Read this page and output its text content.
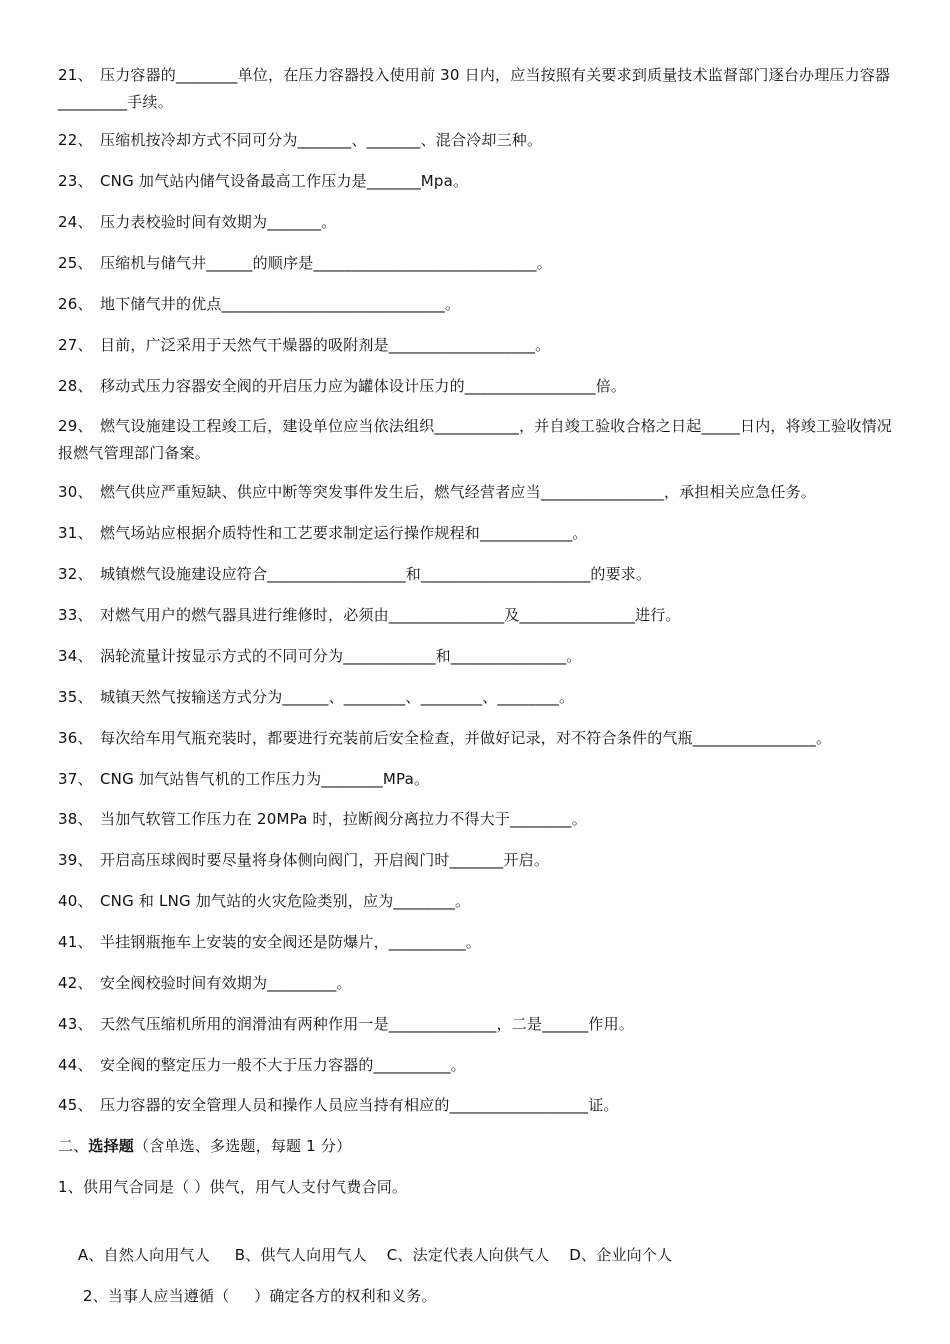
21、 压力容器的________单位，在压力容器投入使用前 30 日内，应当按照有关要求到质量技术监督部门逐台办理压力容器_________手续。
22、 压缩机按冷却方式不同可分为_______、_______、混合冷却三种。
23、 CNG 加气站内储气设备最高工作压力是_______Mpa。
24、 压力表校验时间有效期为_______。
25、 压缩机与储气井______的顺序是_____________________________。
26、 地下储气井的优点_____________________________。
27、 目前，广泛采用于天然气干燥器的吸附剂是___________________。
28、 移动式压力容器安全阀的开启压力应为罐体设计压力的_________________倍。
29、 燃气设施建设工程竣工后，建设单位应当依法组织___________，并自竣工验收合格之日起_____日内，将竣工验收情况报燃气管理部门备案。
30、 燃气供应严重短缺、供应中断等突发事件发生后，燃气经营者应当________________，承担相关应急任务。
31、 燃气场站应根据介质特性和工艺要求制定运行操作规程和____________。
32、 城镇燃气设施建设应符合__________________和______________________的要求。
33、 对燃气用户的燃气器具进行维修时，必须由_______________及_______________进行。
34、 涡轮流量计按显示方式的不同可分为____________和_______________。
35、 城镇天然气按输送方式分为______、________、________、________。
36、 每次给车用气瓶充装时，都要进行充装前后安全检查，并做好记录，对不符合条件的气瓶________________。
37、 CNG 加气站售气机的工作压力为________MPa。
38、 当加气软管工作压力在 20MPa 时，拉断阀分离拉力不得大于________。
39、 开启高压球阀时要尽量将身体侧向阀门，开启阀门时_______开启。
40、 CNG 和 LNG 加气站的火灾危险类别，应为________。
41、 半挂钢瓶拖车上安装的安全阀还是防爆片，__________。
42、 安全阀校验时间有效期为_________。
43、 天然气压缩机所用的润滑油有两种作用一是______________，二是______作用。
44、 安全阀的整定压力一般不大于压力容器的__________。
45、 压力容器的安全管理人员和操作人员应当持有相应的__________________证。
二、选择题（含单选、多选题，每题 1 分）
1、供用气合同是（ ）供气，用气人支付气费合同。

A、自然人向用气人     B、供气人向用气人    C、法定代表人向供气人    D、企业向个人

2、当事人应当遵循（     ）确定各方的权利和义务。
